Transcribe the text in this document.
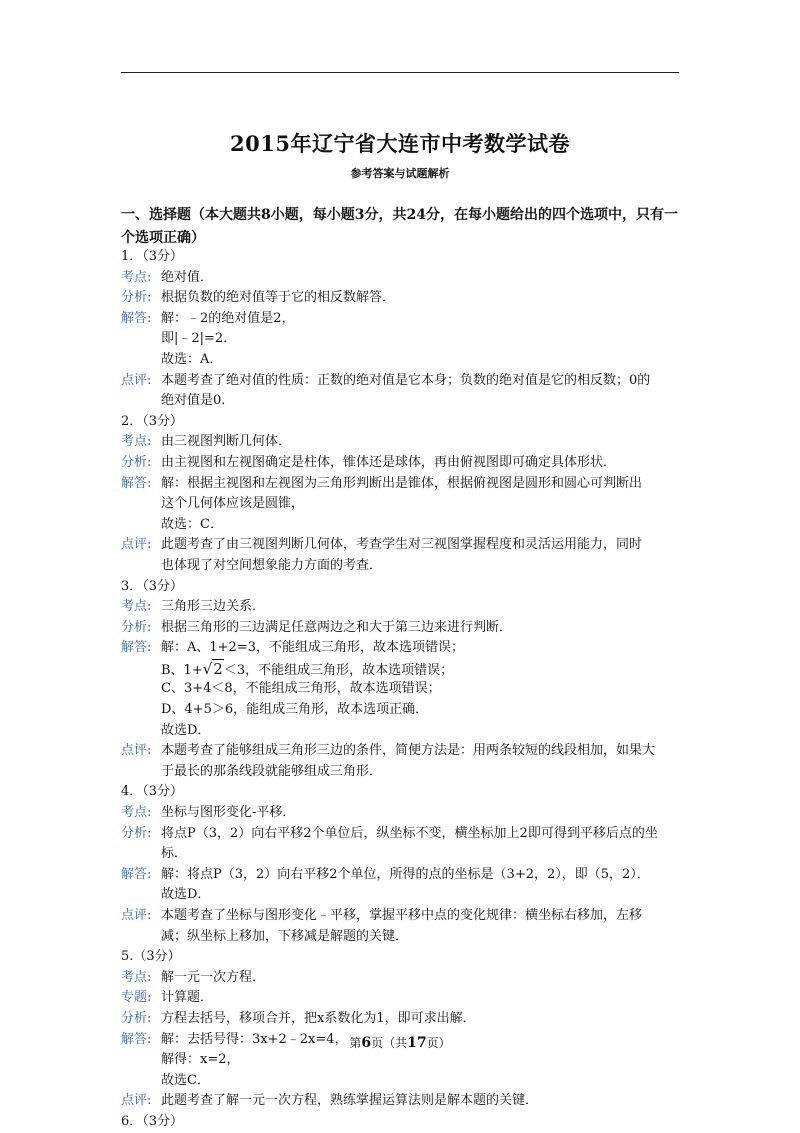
2015年辽宁省大连市中考数学试卷
参考答案与试题解析
一、选择题（本大题共8小题，每小题3分，共24分，在每小题给出的四个选项中，只有一个选项正确）
1．（3分）
考点: 绝对值．
分析: 根据负数的绝对值等于它的相反数解答．
解答: 解：﹣2的绝对值是2，
即|﹣2|=2．
故选：A．
点评: 本题考查了绝对值的性质：正数的绝对值是它本身；负数的绝对值是它的相反数；0的
绝对值是0．
2．（3分）
考点: 由三视图判断几何体．
分析: 由主视图和左视图确定是柱体，锥体还是球体，再由俯视图即可确定具体形状．
解答: 解：根据主视图和左视图为三角形判断出是锥体，根据俯视图是圆形和圆心可判断出
这个几何体应该是圆锥，
故选：C．
点评: 此题考查了由三视图判断几何体，考查学生对三视图掌握程度和灵活运用能力，同时
也体现了对空间想象能力方面的考查．
3．（3分）
考点: 三角形三边关系．
分析: 根据三角形的三边满足任意两边之和大于第三边来进行判断．
解答: 解：A、1+2=3，不能组成三角形，故本选项错误；
B、1+√2＜3，不能组成三角形，故本选项错误；
C、3+4＜8，不能组成三角形，故本选项错误；
D、4+5＞6，能组成三角形，故本选项正确．
故选D．
点评: 本题考查了能够组成三角形三边的条件，简便方法是：用两条较短的线段相加，如果大
于最长的那条线段就能够组成三角形．
4．（3分）
考点: 坐标与图形变化-平移．
分析: 将点P（3，2）向右平移2个单位后，纵坐标不变，横坐标加上2即可得到平移后点的坐
标．
解答: 解：将点P（3，2）向右平移2个单位，所得的点的坐标是（3+2，2），即（5，2）．
故选D．
点评: 本题考查了坐标与图形变化﹣平移，掌握平移中点的变化规律：横坐标右移加，左移
减；纵坐标上移加，下移减是解题的关键．
5.（3分）
考点: 解一元一次方程．
专题: 计算题．
分析: 方程去括号，移项合并，把x系数化为1，即可求出解．
解答: 解：去括号得：3x+2﹣2x=4，
解得：x=2，
故选C．
点评: 此题考查了解一元一次方程，熟练掌握运算法则是解本题的关键．
6．（3分）
第6页（共17页）
